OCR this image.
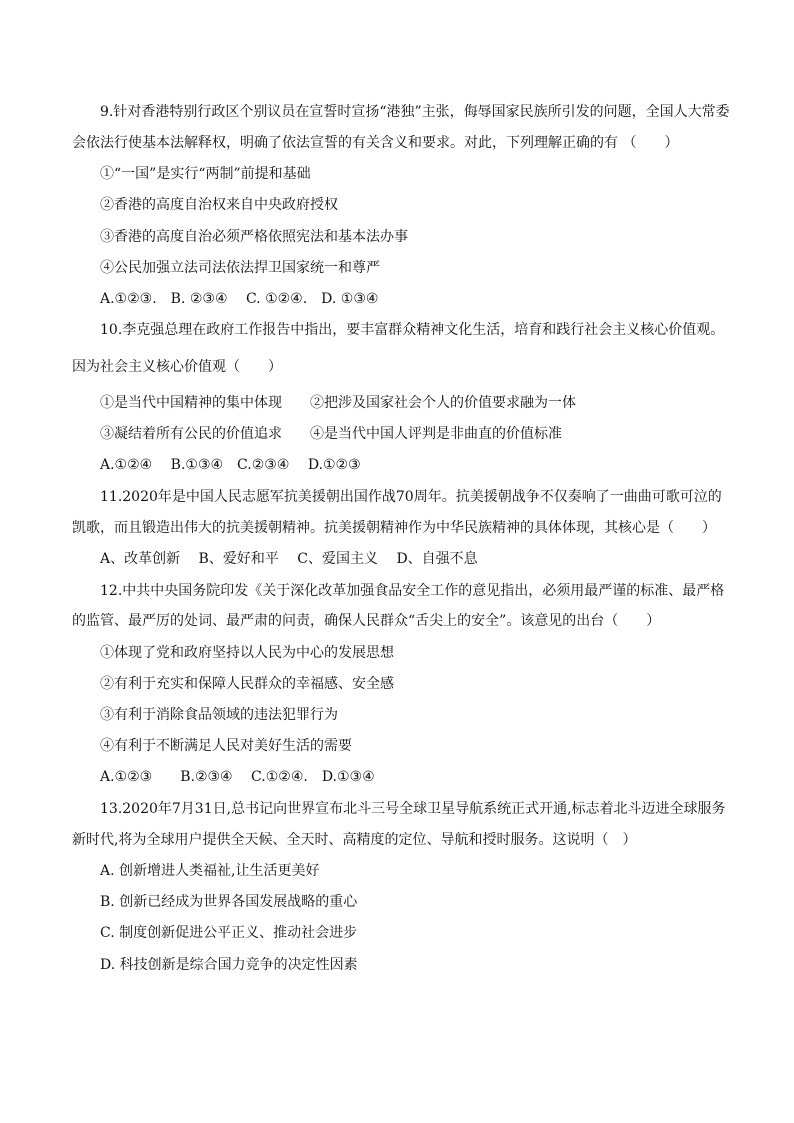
9.针对香港特别行政区个别议员在宣誓时宣扬“港独”主张，侮辱国家民族所引发的问题，全国人大常委
会依法行使基本法解释权，明确了依法宣誓的有关含义和要求。对此，下列理解正确的有 （　　）
①“一国”是实行“两制”前提和基础
②香港的高度自治权来自中央政府授权
③香港的高度自治必须严格依照宪法和基本法办事
④公民加强立法司法依法捍卫国家统一和尊严
A.①②③.　B. ②③④　 C. ①②④.　D. ①③④
10.李克强总理在政府工作报告中指出，要丰富群众精神文化生活，培育和践行社会主义核心价值观。
因为社会主义核心价值观（　　）
①是当代中国精神的集中体现　　②把涉及国家社会个人的价值要求融为一体
③凝结着所有公民的价值追求　　④是当代中国人评判是非曲直的价值标准
A.①②④　 B.①③④　C.②③④　 D.①②③
11.2020年是中国人民志愿军抗美援朝出国作战70周年。抗美援朝战争不仅奏响了一曲曲可歌可泣的
凯歌，而且锻造出伟大的抗美援朝精神。抗美援朝精神作为中华民族精神的具体体现，其核心是（　　）
A、改革创新　 B、爱好和平　 C、爱国主义　 D、自强不息
12.中共中央国务院印发《关于深化改革加强食品安全工作的意见指出，必须用最严谨的标准、最严格
的监管、最严厉的处词、最严肃的问责，确保人民群众“舌尖上的安全”。该意见的出台（　　）
①体现了党和政府坚持以人民为中心的发展思想
②有利于充实和保障人民群众的幸福感、安全感
③有利于消除食品领域的违法犯罪行为
④有利于不断满足人民对美好生活的需要
A.①②③　　B.②③④　 C.①②④.　D.①③④
13.2020年7月31日,总书记向世界宣布北斗三号全球卫星导航系统正式开通,标志着北斗迈进全球服务
新时代,将为全球用户提供全天候、全天时、高精度的定位、导航和授时服务。这说明（　）
A. 创新增进人类福祉,让生活更美好
B. 创新已经成为世界各国发展战略的重心
C. 制度创新促进公平正义、推动社会进步
D. 科技创新是综合国力竞争的决定性因素
